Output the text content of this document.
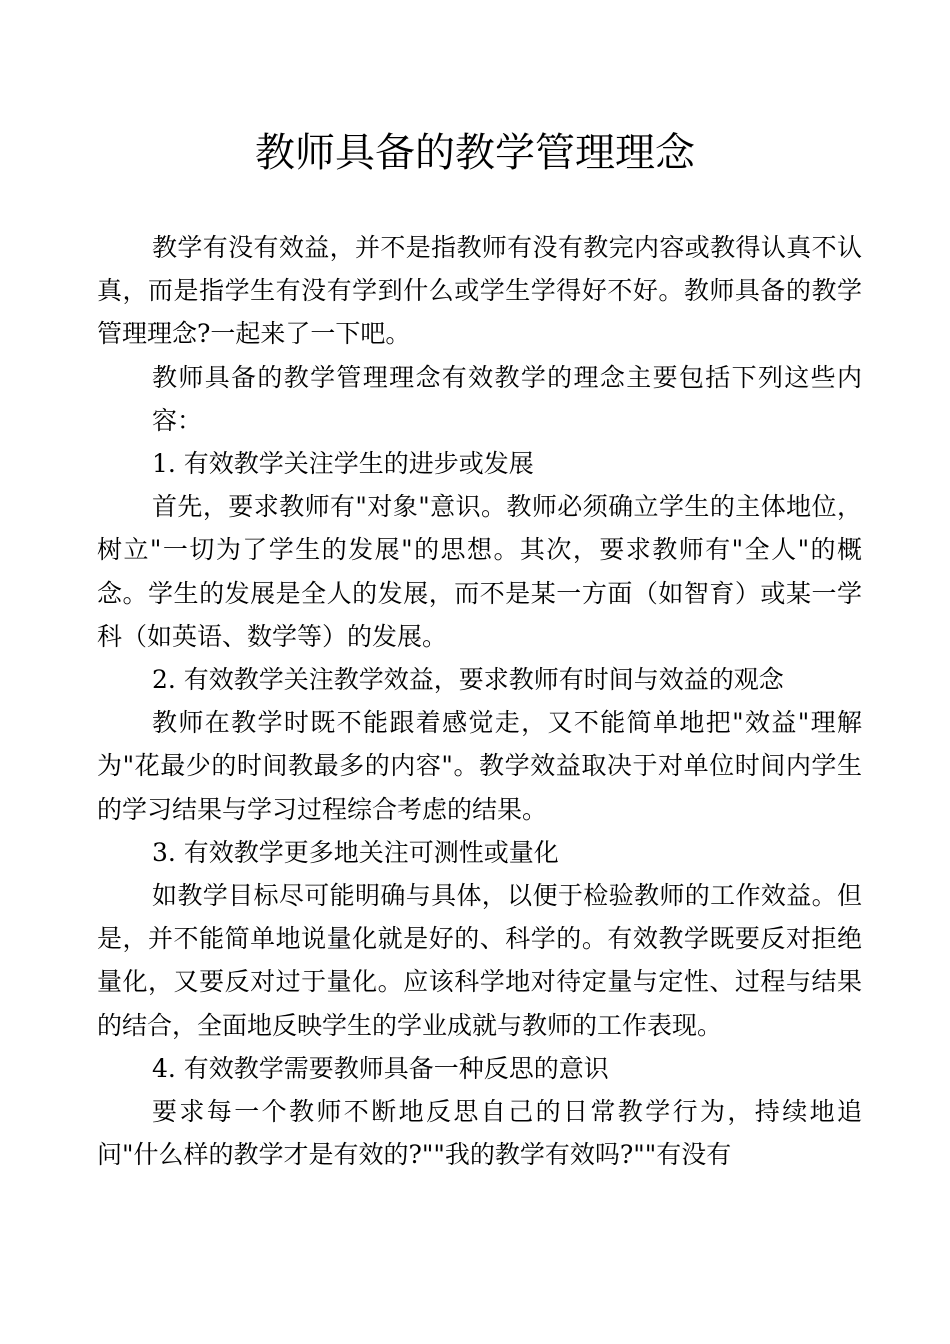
教师具备的教学管理理念

教学有没有效益，并不是指教师有没有教完内容或教得认真不认真，而是指学生有没有学到什么或学生学得好不好。教师具备的教学管理理念?一起来了一下吧。

教师具备的教学管理理念有效教学的理念主要包括下列这些内容：

1. 有效教学关注学生的进步或发展

首先，要求教师有"对象"意识。教师必须确立学生的主体地位，树立"一切为了学生的发展"的思想。其次，要求教师有"全人"的概念。学生的发展是全人的发展，而不是某一方面（如智育）或某一学科（如英语、数学等）的发展。

2. 有效教学关注教学效益，要求教师有时间与效益的观念

教师在教学时既不能跟着感觉走，又不能简单地把"效益"理解为"花最少的时间教最多的内容"。教学效益取决于对单位时间内学生的学习结果与学习过程综合考虑的结果。

3. 有效教学更多地关注可测性或量化

如教学目标尽可能明确与具体，以便于检验教师的工作效益。但是，并不能简单地说量化就是好的、科学的。有效教学既要反对拒绝量化，又要反对过于量化。应该科学地对待定量与定性、过程与结果的结合，全面地反映学生的学业成就与教师的工作表现。

4. 有效教学需要教师具备一种反思的意识

要求每一个教师不断地反思自己的日常教学行为，持续地追问"什么样的教学才是有效的?""我的教学有效吗?""有没有
